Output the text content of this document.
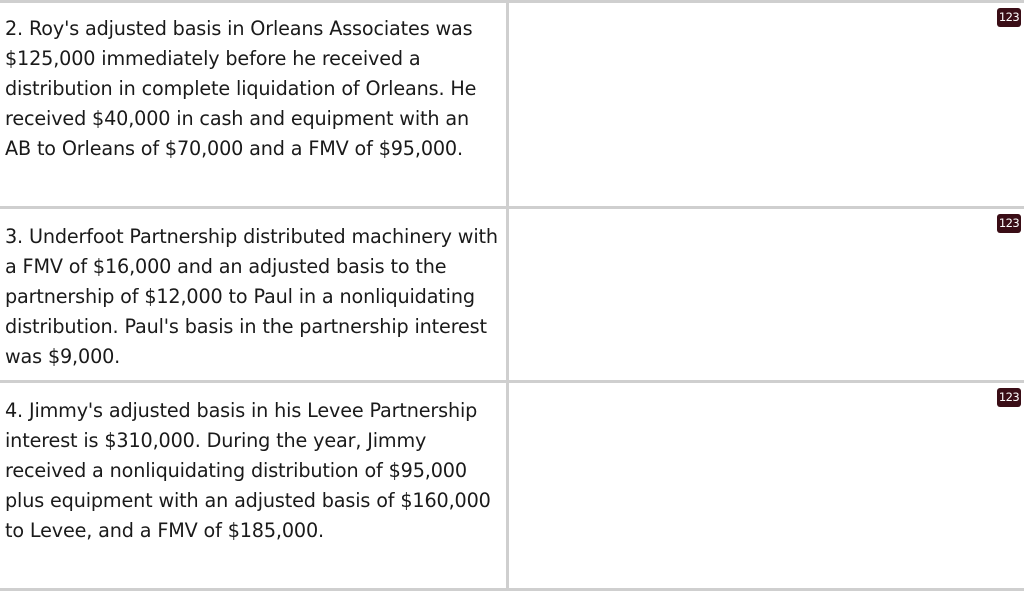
2. Roy's adjusted basis in Orleans Associates was $125,000 immediately before he received a distribution in complete liquidation of Orleans. He received $40,000 in cash and equipment with an AB to Orleans of $70,000 and a FMV of $95,000.
123
3. Underfoot Partnership distributed machinery with a FMV of $16,000 and an adjusted basis to the partnership of $12,000 to Paul in a nonliquidating distribution. Paul's basis in the partnership interest was $9,000.
123
4. Jimmy's adjusted basis in his Levee Partnership interest is $310,000. During the year, Jimmy received a nonliquidating distribution of $95,000 plus equipment with an adjusted basis of $160,000 to Levee, and a FMV of $185,000.
123
